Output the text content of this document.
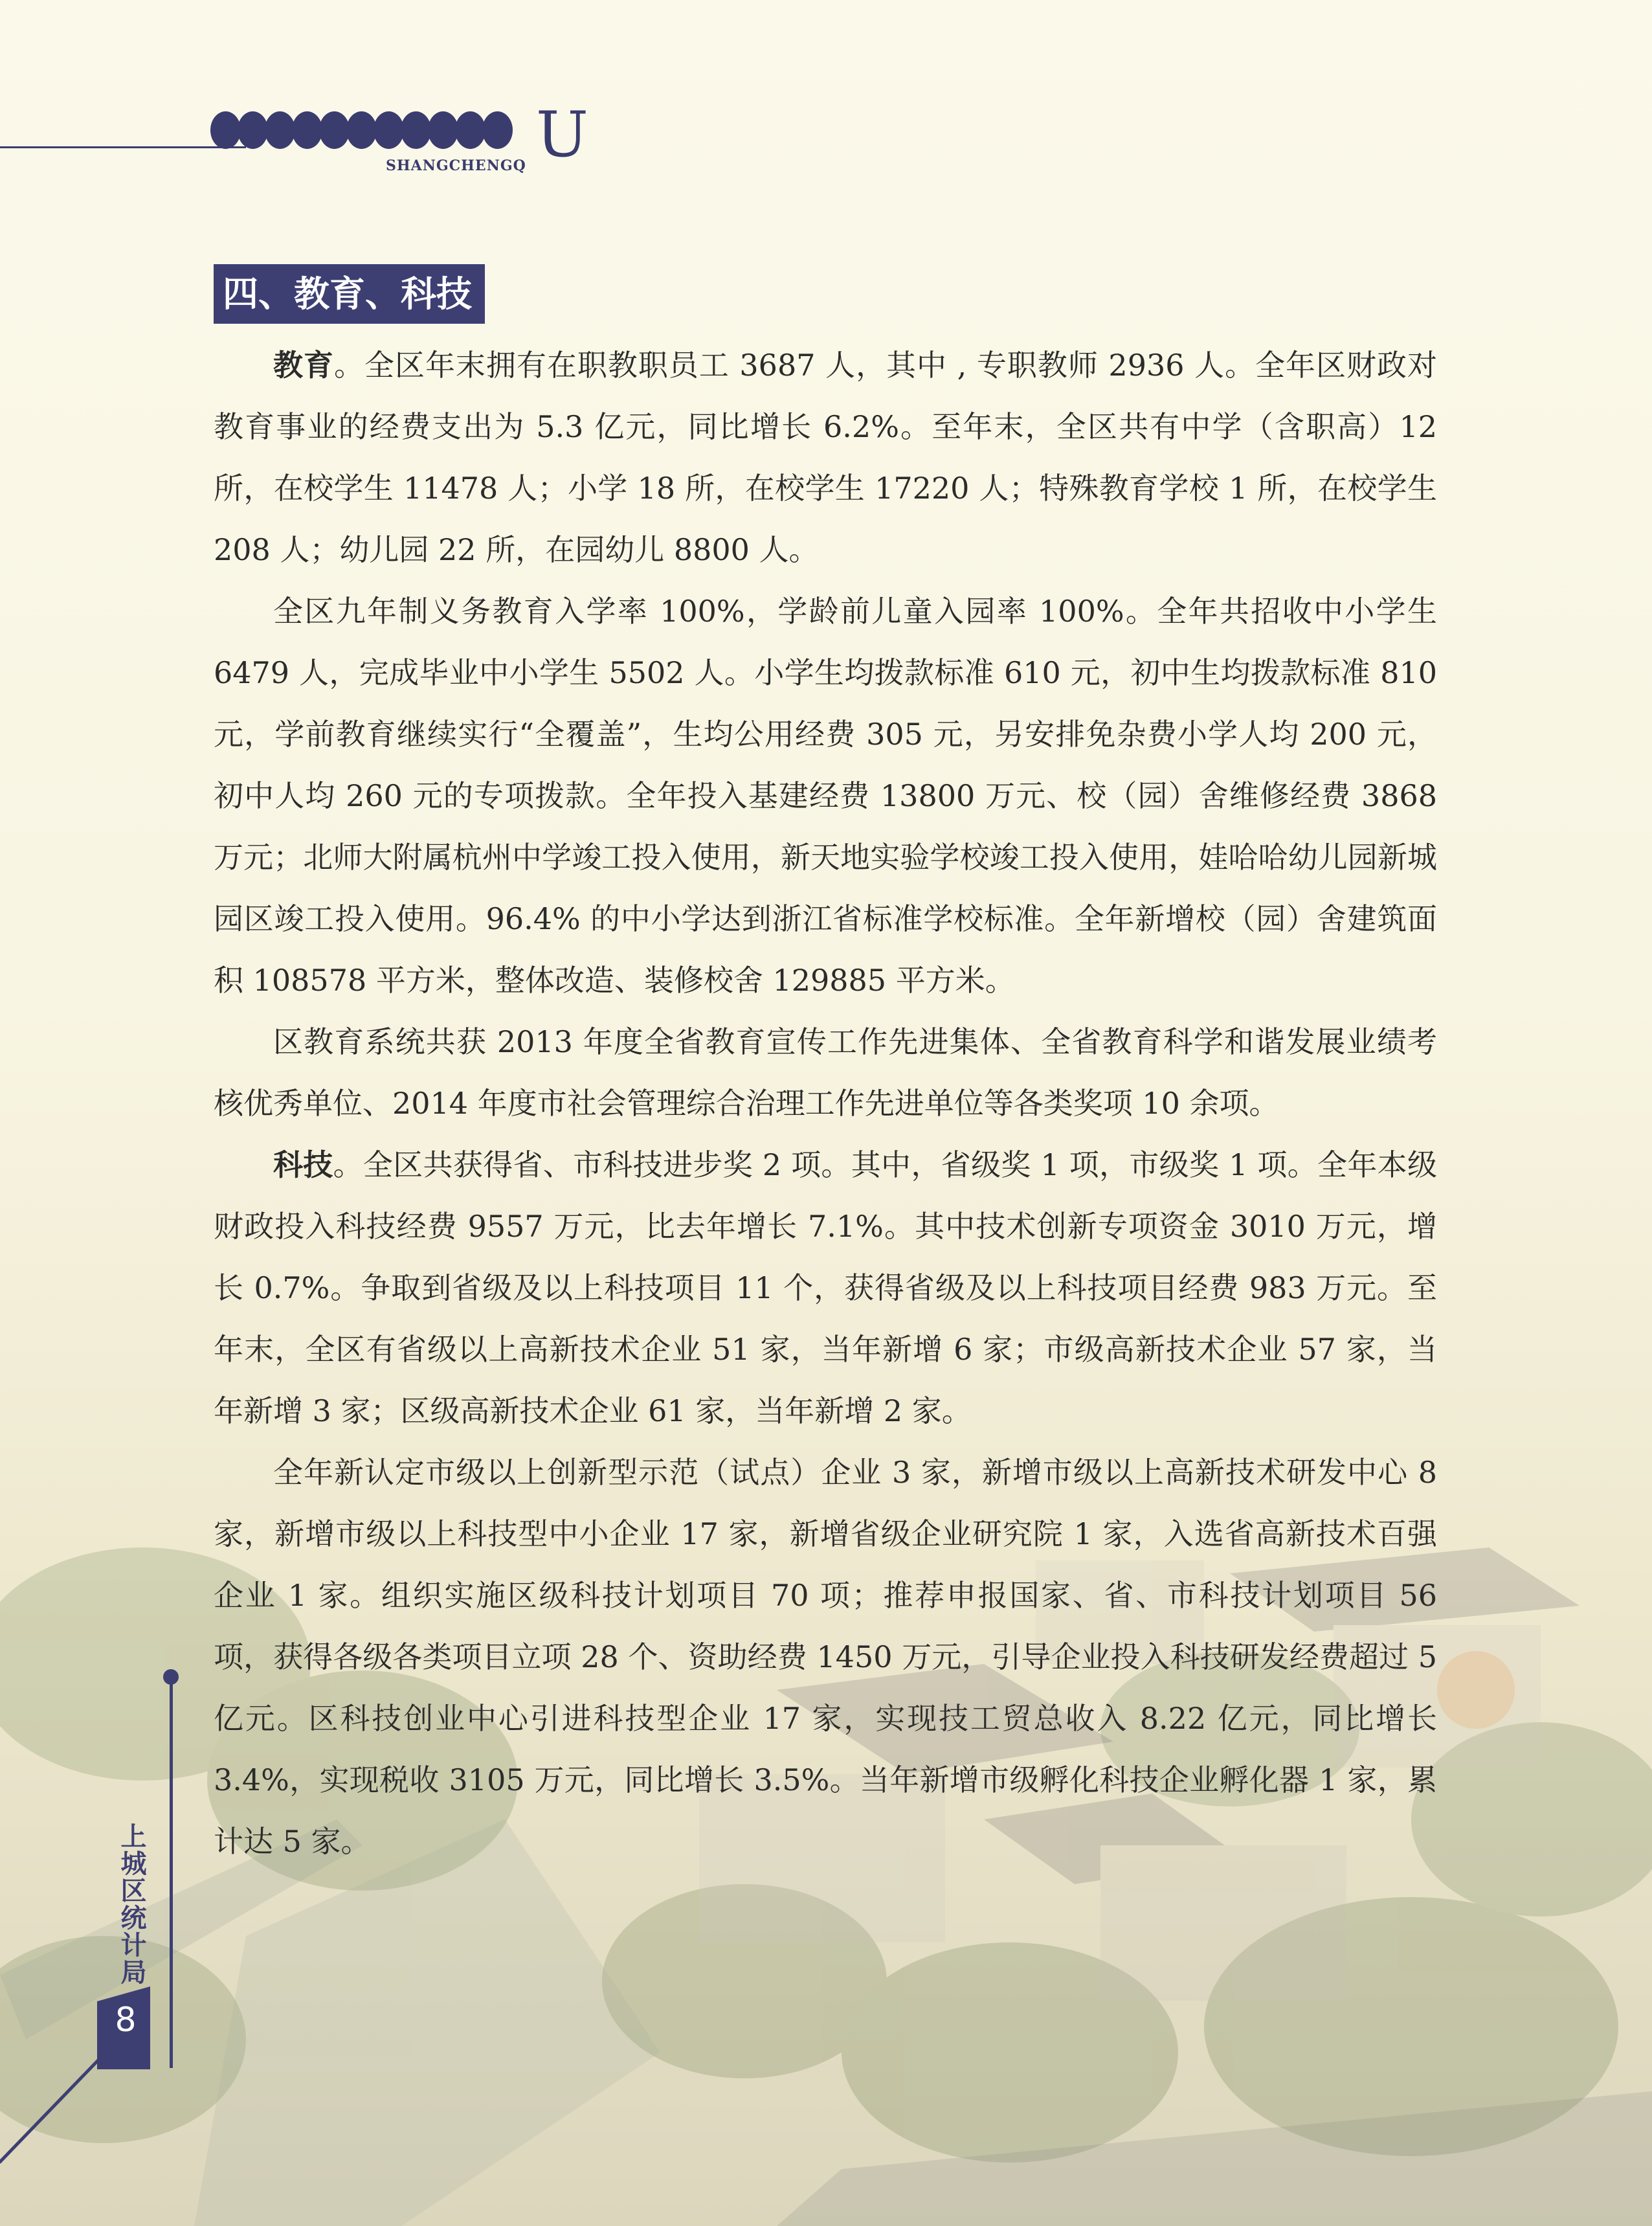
U
SHANGCHENGQ
四、教育、科技

教育。全区年末拥有在职教职员工 3687 人，其中 , 专职教师 2936 人。全年区财政对教育事业的经费支出为 5.3 亿元，同比增长 6.2%。至年末，全区共有中学（含职高）12 所，在校学生 11478 人；小学 18 所，在校学生 17220 人；特殊教育学校 1 所，在校学生 208 人；幼儿园 22 所，在园幼儿 8800 人。

全区九年制义务教育入学率 100%，学龄前儿童入园率 100%。全年共招收中小学生 6479 人，完成毕业中小学生 5502 人。小学生均拨款标准 610 元，初中生均拨款标准 810 元，学前教育继续实行“全覆盖”，生均公用经费 305 元，另安排免杂费小学人均 200 元，初中人均 260 元的专项拨款。全年投入基建经费 13800 万元、校（园）舍维修经费 3868 万元；北师大附属杭州中学竣工投入使用，新天地实验学校竣工投入使用，娃哈哈幼儿园新城园区竣工投入使用。96.4% 的中小学达到浙江省标准学校标准。全年新增校（园）舍建筑面积 108578 平方米，整体改造、装修校舍 129885 平方米。

区教育系统共获 2013 年度全省教育宣传工作先进集体、全省教育科学和谐发展业绩考核优秀单位、2014 年度市社会管理综合治理工作先进单位等各类奖项 10 余项。

科技。全区共获得省、市科技进步奖 2 项。其中，省级奖 1 项，市级奖 1 项。全年本级财政投入科技经费 9557 万元，比去年增长 7.1%。其中技术创新专项资金 3010 万元，增长 0.7%。争取到省级及以上科技项目 11 个，获得省级及以上科技项目经费 983 万元。至年末，全区有省级以上高新技术企业 51 家，当年新增 6 家；市级高新技术企业 57 家，当年新增 3 家；区级高新技术企业 61 家，当年新增 2 家。

全年新认定市级以上创新型示范（试点）企业 3 家，新增市级以上高新技术研发中心 8 家，新增市级以上科技型中小企业 17 家，新增省级企业研究院 1 家，入选省高新技术百强企业 1 家。组织实施区级科技计划项目 70 项；推荐申报国家、省、市科技计划项目 56 项，获得各级各类项目立项 28 个、资助经费 1450 万元，引导企业投入科技研发经费超过 5 亿元。区科技创业中心引进科技型企业 17 家，实现技工贸总收入 8.22 亿元，同比增长 3.4%，实现税收 3105 万元，同比增长 3.5%。当年新增市级孵化科技企业孵化器 1 家，累计达 5 家。

上城区统计局
8
